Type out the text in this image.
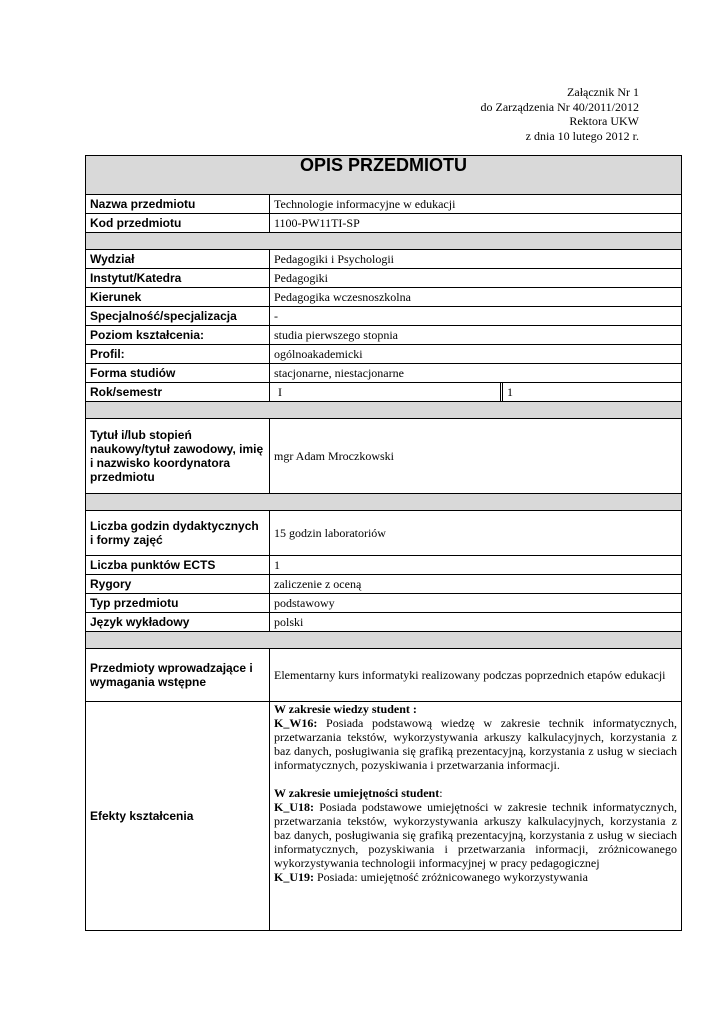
Załącznik Nr 1
do Zarządzenia Nr 40/2011/2012
Rektora UKW
z dnia 10 lutego 2012 r.
OPIS PRZEDMIOTU	
Nazwa przedmiotu	Technologie informacyjne w edukacji
Kod przedmiotu	1100-PW11TI-SP

Wydział	Pedagogiki i Psychologii
Instytut/Katedra	Pedagogiki
Kierunek	Pedagogika wczesnoszkolna
Specjalność/specjalizacja	-
Poziom kształcenia:	studia pierwszego stopnia
Profil:	ogólnoakademicki
Forma studiów	stacjonarne, niestacjonarne
Rok/semestr	I 1

Tytuł i/lub stopień naukowy/tytuł zawodowy, imię i nazwisko koordynatora przedmiotu	mgr Adam Mroczkowski

Liczba godzin dydaktycznych i formy zajęć	15 godzin laboratoriów
Liczba punktów ECTS	1
Rygory	zaliczenie z oceną
Typ przedmiotu	podstawowy
Język wykładowy	polski

Przedmioty wprowadzające i wymagania wstępne	Elementarny kurs informatyki realizowany podczas poprzednich etapów edukacji
Efekty kształcenia	W zakresie wiedzy student :

K_W16: Posiada podstawową wiedzę w zakresie technik informatycznych, przetwarzania tekstów, wykorzystywania arkuszy kalkulacyjnych, korzystania z baz danych, posługiwania się grafiką prezentacyjną, korzystania z usług w sieciach informatycznych, pozyskiwania i przetwarzania informacji.

W zakresie umiejętności student:

K_U18: Posiada podstawowe umiejętności w zakresie technik informatycznych, przetwarzania tekstów, wykorzystywania arkuszy kalkulacyjnych, korzystania z baz danych, posługiwania się grafiką prezentacyjną, korzystania z usług w sieciach informatycznych, pozyskiwania i przetwarzania informacji, zróżnicowanego wykorzystywania technologii informacyjnej w pracy pedagogicznej

K_U19: Posiada: umiejętność zróżnicowanego wykorzystywania
